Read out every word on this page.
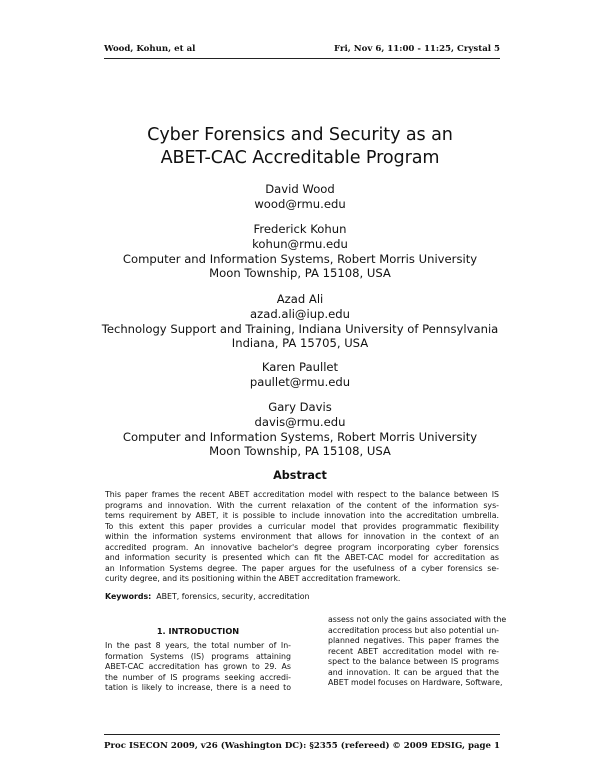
Wood, Kohun, et al	Fri, Nov 6, 11:00 - 11:25, Crystal 5
Cyber Forensics and Security as an
ABET-CAC Accreditable Program
David Wood
wood@rmu.edu
Frederick Kohun
kohun@rmu.edu
Computer and Information Systems, Robert Morris University
Moon Township, PA 15108, USA
Azad Ali
azad.ali@iup.edu
Technology Support and Training, Indiana University of Pennsylvania
Indiana, PA 15705, USA
Karen Paullet
paullet@rmu.edu
Gary Davis
davis@rmu.edu
Computer and Information Systems, Robert Morris University
Moon Township, PA 15108, USA
Abstract
This paper frames the recent ABET accreditation model with respect to the balance between IS
programs and innovation. With the current relaxation of the content of the information sys-
tems requirement by ABET, it is possible to include innovation into the accreditation umbrella.
To this extent this paper provides a curricular model that provides programmatic flexibility
within the information systems environment that allows for innovation in the context of an
accredited program. An innovative bachelor's degree program incorporating cyber forensics
and information security is presented which can fit the ABET-CAC model for accreditation as
an Information Systems degree. The paper argues for the usefulness of a cyber forensics se-
curity degree, and its positioning within the ABET accreditation framework.
Keywords: ABET, forensics, security, accreditation
1. INTRODUCTION
In the past 8 years, the total number of In-
formation Systems (IS) programs attaining
ABET-CAC accreditation has grown to 29. As
the number of IS programs seeking accredi-
tation is likely to increase, there is a need to
assess not only the gains associated with the
accreditation process but also potential un-
planned negatives. This paper frames the
recent ABET accreditation model with re-
spect to the balance between IS programs
and innovation. It can be argued that the
ABET model focuses on Hardware, Software,
Proc ISECON 2009, v26 (Washington DC): §2355 (refereed) © 2009 EDSIG, page 1
